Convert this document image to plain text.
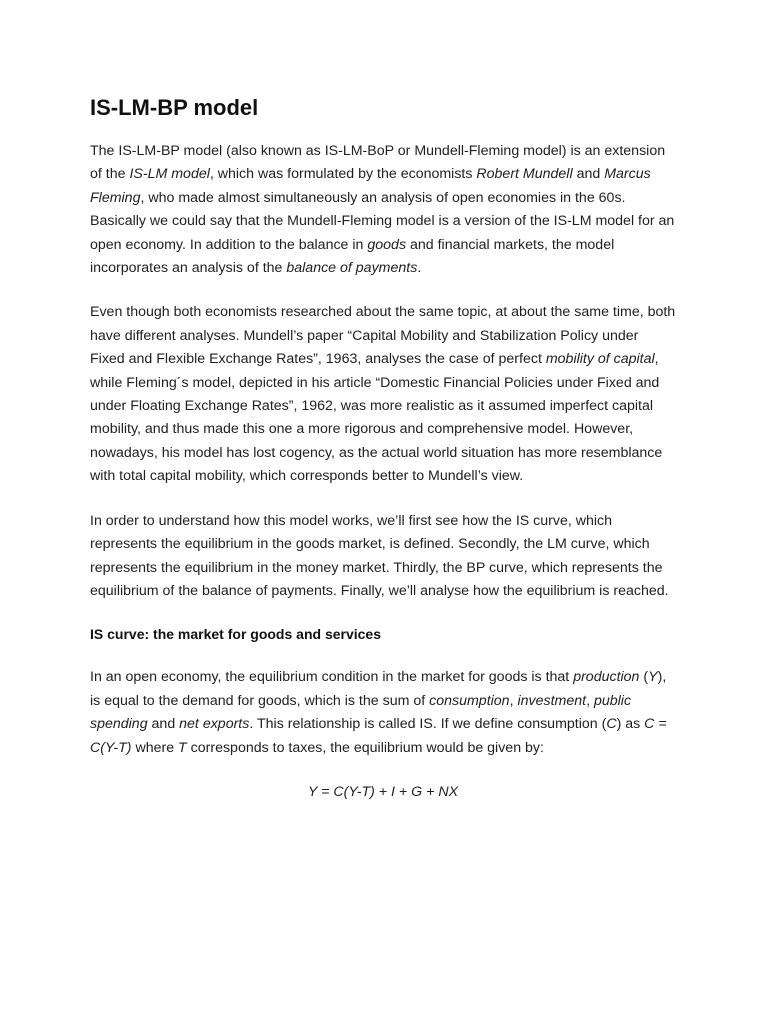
IS-LM-BP model

The IS-LM-BP model (also known as IS-LM-BoP or Mundell-Fleming model) is an extension of the IS-LM model, which was formulated by the economists Robert Mundell and Marcus Fleming, who made almost simultaneously an analysis of open economies in the 60s. Basically we could say that the Mundell-Fleming model is a version of the IS-LM model for an open economy. In addition to the balance in goods and financial markets, the model incorporates an analysis of the balance of payments.

Even though both economists researched about the same topic, at about the same time, both have different analyses. Mundell’s paper “Capital Mobility and Stabilization Policy under Fixed and Flexible Exchange Rates”, 1963, analyses the case of perfect mobility of capital, while Fleming´s model, depicted in his article “Domestic Financial Policies under Fixed and under Floating Exchange Rates”, 1962, was more realistic as it assumed imperfect capital mobility, and thus made this one a more rigorous and comprehensive model. However, nowadays, his model has lost cogency, as the actual world situation has more resemblance with total capital mobility, which corresponds better to Mundell’s view.

In order to understand how this model works, we’ll first see how the IS curve, which represents the equilibrium in the goods market, is defined. Secondly, the LM curve, which represents the equilibrium in the money market. Thirdly, the BP curve, which represents the equilibrium of the balance of payments. Finally, we’ll analyse how the equilibrium is reached.

IS curve: the market for goods and services

In an open economy, the equilibrium condition in the market for goods is that production (Y), is equal to the demand for goods, which is the sum of consumption, investment, public spending and net exports. This relationship is called IS. If we define consumption (C) as C = C(Y-T) where T corresponds to taxes, the equilibrium would be given by:

Y = C(Y-T) + I + G + NX
